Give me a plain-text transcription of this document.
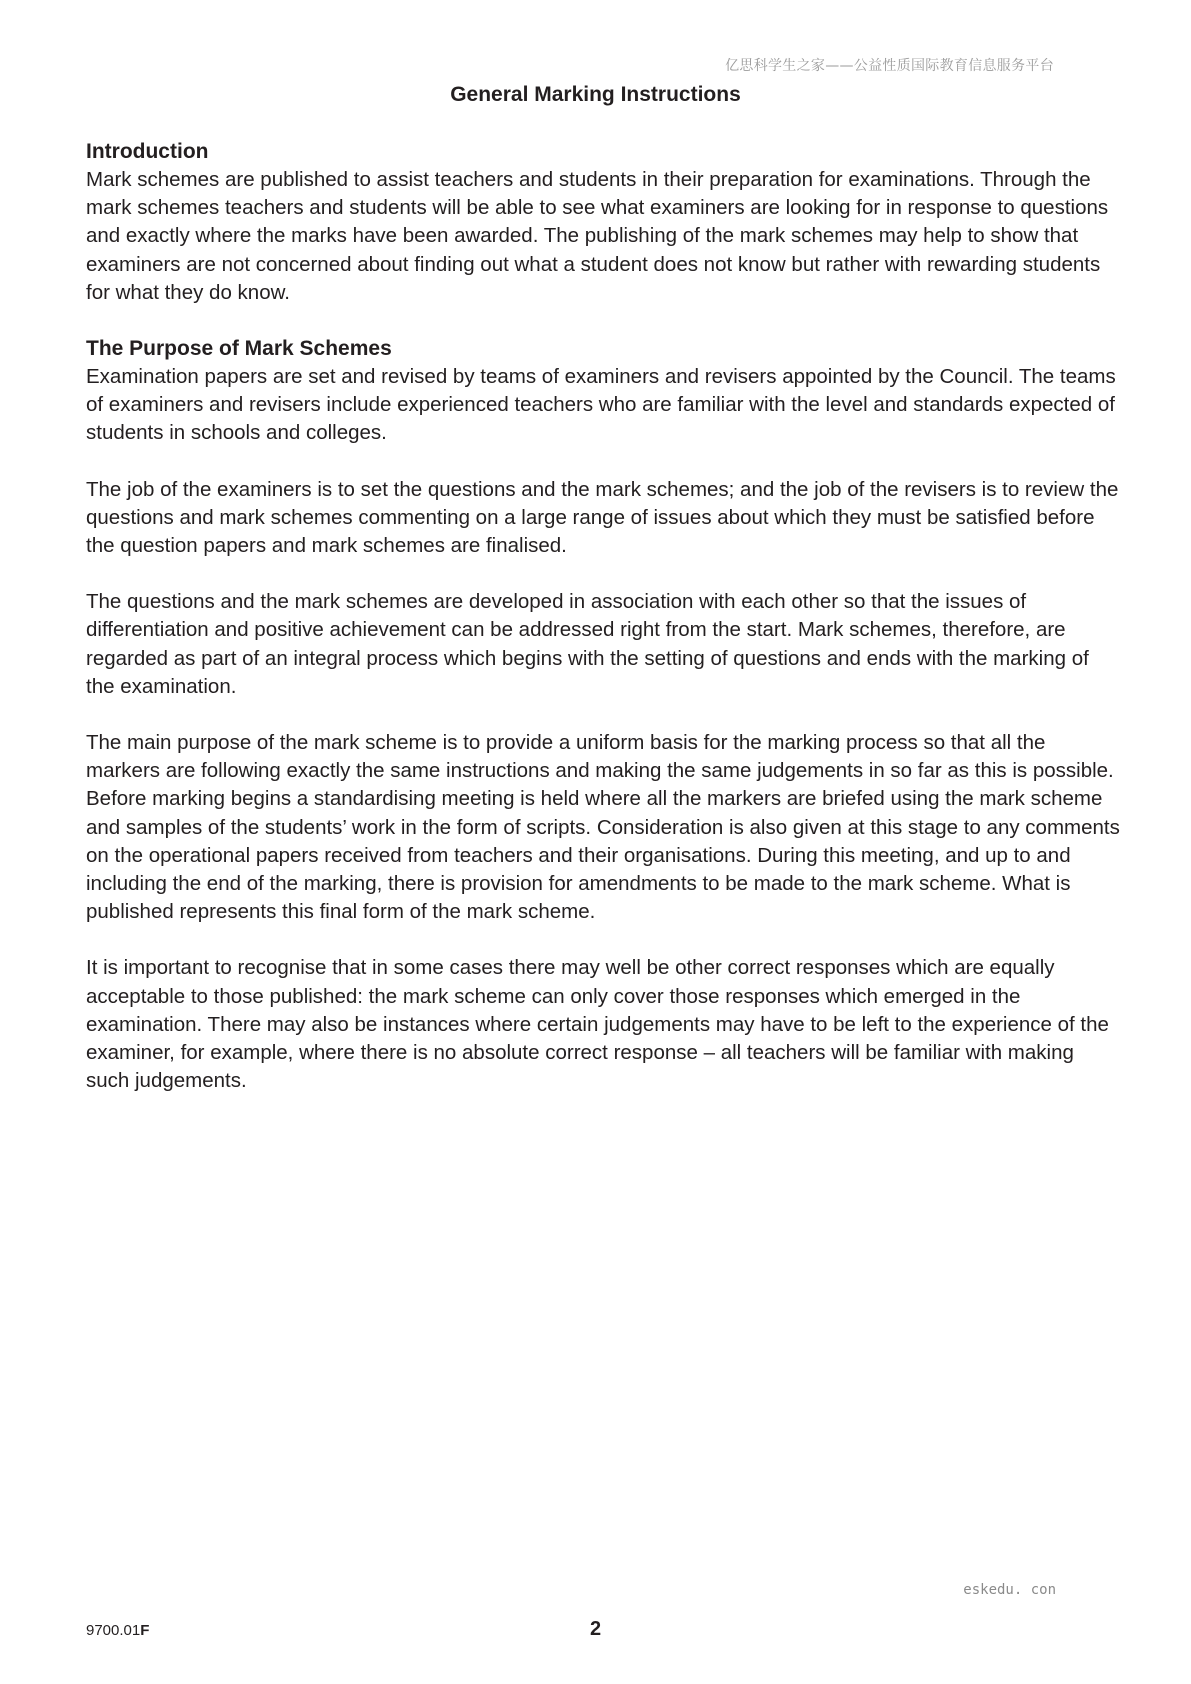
亿思科学生之家——公益性质国际教育信息服务平台
General Marking Instructions

Introduction

Mark schemes are published to assist teachers and students in their preparation for examinations. Through the mark schemes teachers and students will be able to see what examiners are looking for in response to questions and exactly where the marks have been awarded. The publishing of the mark schemes may help to show that examiners are not concerned about finding out what a student does not know but rather with rewarding students for what they do know.

The Purpose of Mark Schemes

Examination papers are set and revised by teams of examiners and revisers appointed by the Council. The teams of examiners and revisers include experienced teachers who are familiar with the level and standards expected of students in schools and colleges.

The job of the examiners is to set the questions and the mark schemes; and the job of the revisers is to review the questions and mark schemes commenting on a large range of issues about which they must be satisfied before the question papers and mark schemes are finalised.

The questions and the mark schemes are developed in association with each other so that the issues of differentiation and positive achievement can be addressed right from the start. Mark schemes, therefore, are regarded as part of an integral process which begins with the setting of questions and ends with the marking of the examination.

The main purpose of the mark scheme is to provide a uniform basis for the marking process so that all the markers are following exactly the same instructions and making the same judgements in so far as this is possible. Before marking begins a standardising meeting is held where all the markers are briefed using the mark scheme and samples of the students’ work in the form of scripts. Consideration is also given at this stage to any comments on the operational papers received from teachers and their organisations. During this meeting, and up to and including the end of the marking, there is provision for amendments to be made to the mark scheme. What is published represents this final form of the mark scheme.

It is important to recognise that in some cases there may well be other correct responses which are equally acceptable to those published: the mark scheme can only cover those responses which emerged in the examination. There may also be instances where certain judgements may have to be left to the experience of the examiner, for example, where there is no absolute correct response – all teachers will be familiar with making such judgements.

eskedu. con
9700.01F	2
